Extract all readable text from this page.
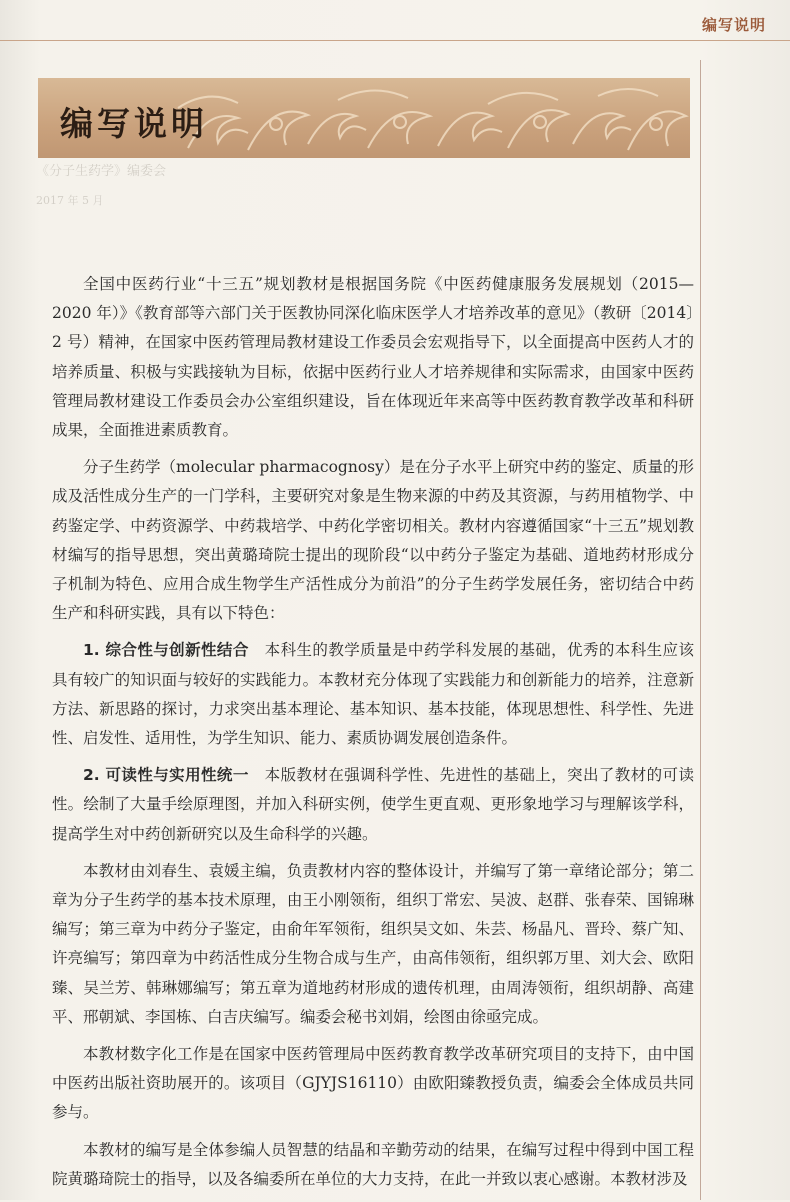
编写说明
《分子生药学》编委会
2017 年 5 月
编写说明

全国中医药行业“十三五”规划教材是根据国务院《中医药健康服务发展规划（2015—2020 年）》《教育部等六部门关于医教协同深化临床医学人才培养改革的意见》（教研〔2014〕2 号）精神，在国家中医药管理局教材建设工作委员会宏观指导下，以全面提高中医药人才的培养质量、积极与实践接轨为目标，依据中医药行业人才培养规律和实际需求，由国家中医药管理局教材建设工作委员会办公室组织建设，旨在体现近年来高等中医药教育教学改革和科研成果，全面推进素质教育。

分子生药学（molecular pharmacognosy）是在分子水平上研究中药的鉴定、质量的形成及活性成分生产的一门学科，主要研究对象是生物来源的中药及其资源，与药用植物学、中药鉴定学、中药资源学、中药栽培学、中药化学密切相关。教材内容遵循国家“十三五”规划教材编写的指导思想，突出黄璐琦院士提出的现阶段“以中药分子鉴定为基础、道地药材形成分子机制为特色、应用合成生物学生产活性成分为前沿”的分子生药学发展任务，密切结合中药生产和科研实践，具有以下特色：

1. 综合性与创新性结合　 本科生的教学质量是中药学科发展的基础，优秀的本科生应该具有较广的知识面与较好的实践能力。本教材充分体现了实践能力和创新能力的培养，注意新方法、新思路的探讨，力求突出基本理论、基本知识、基本技能，体现思想性、科学性、先进性、启发性、适用性，为学生知识、能力、素质协调发展创造条件。

2. 可读性与实用性统一　 本版教材在强调科学性、先进性的基础上，突出了教材的可读性。绘制了大量手绘原理图，并加入科研实例，使学生更直观、更形象地学习与理解该学科，提高学生对中药创新研究以及生命科学的兴趣。

本教材由刘春生、袁媛主编，负责教材内容的整体设计，并编写了第一章绪论部分；第二章为分子生药学的基本技术原理，由王小刚领衔，组织丁常宏、吴波、赵群、张春荣、国锦琳编写；第三章为中药分子鉴定，由俞年军领衔，组织吴文如、朱芸、杨晶凡、晋玲、蔡广知、许亮编写；第四章为中药活性成分生物合成与生产，由高伟领衔，组织郭万里、刘大会、欧阳臻、吴兰芳、韩琳娜编写；第五章为道地药材形成的遗传机理，由周涛领衔，组织胡静、高建平、邢朝斌、李国栋、白吉庆编写。编委会秘书刘娟，绘图由徐亟完成。

本教材数字化工作是在国家中医药管理局中医药教育教学改革研究项目的支持下，由中国中医药出版社资助展开的。该项目（GJYJS16110）由欧阳臻教授负责，编委会全体成员共同参与。

本教材的编写是全体参编人员智慧的结晶和辛勤劳动的结果，在编写过程中得到中国工程院黄璐琦院士的指导，以及各编委所在单位的大力支持，在此一并致以衷心感谢。本教材涉及
